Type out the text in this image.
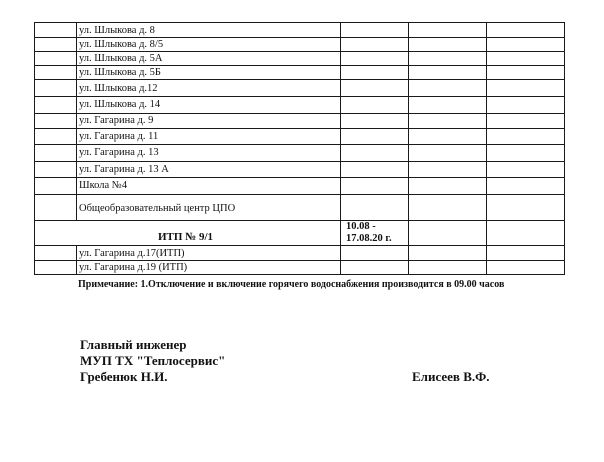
ул. Шлыкова д. 8
ул. Шлыкова д. 8/5
ул. Шлыкова д. 5А
ул. Шлыкова д. 5Б
ул. Шлыкова д.12
ул. Шлыкова д. 14
ул. Гагарина д. 9
ул. Гагарина д. 11
ул. Гагарина д. 13
ул. Гагарина д. 13 А
Школа №4
Общеобразовательный центр ЦПО
ИТП № 9/1
10.08 -
17.08.20 г.
ул. Гагарина д.17(ИТП)
ул. Гагарина д.19 (ИТП)
Примечание: 1.Отключение и включение горячего водоснабжения производится в 09.00 часов
Главный инженер
МУП ТХ "Теплосервис"
Гребенюк Н.И.	Елисеев В.Ф.
